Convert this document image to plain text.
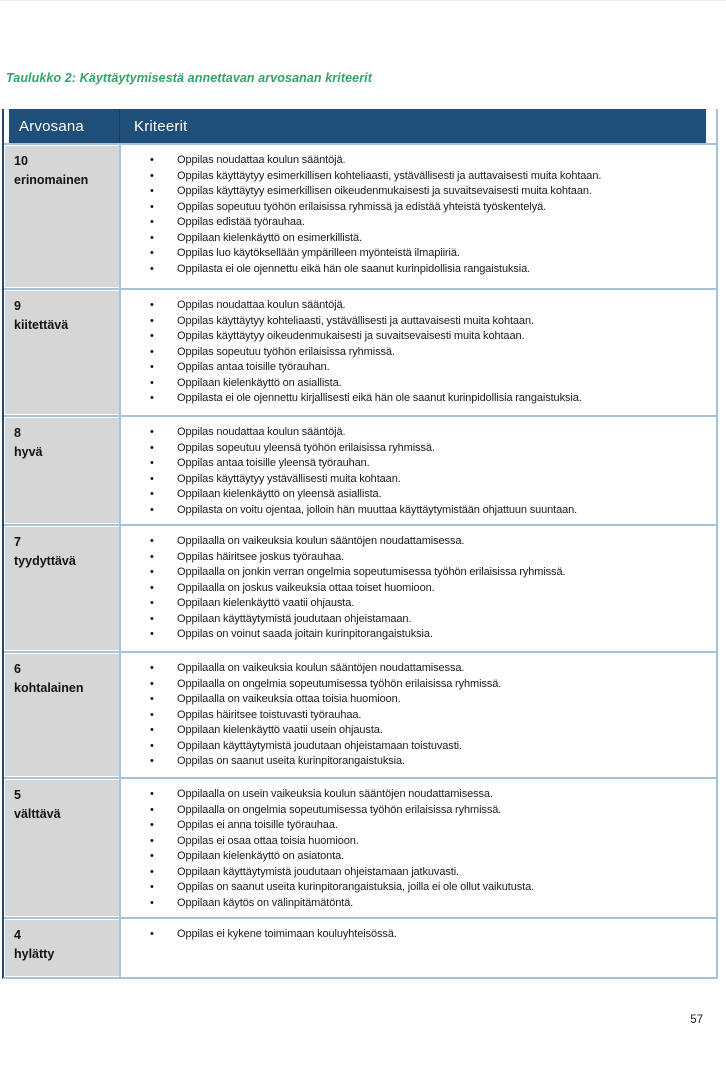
Taulukko 2: Käyttäytymisestä annettavan arvosanan kriteerit
Arvosana	Kriteerit
10
erinomainen
• Oppilas noudattaa koulun sääntöjä.
• Oppilas käyttäytyy esimerkillisen kohteliaasti, ystävällisesti ja auttavaisesti muita kohtaan.
• Oppilas käyttäytyy esimerkillisen oikeudenmukaisesti ja suvaitsevaisesti muita kohtaan.
• Oppilas sopeutuu työhön erilaisissa ryhmissä ja edistää yhteistä työskentelyä.
• Oppilas edistää työrauhaa.
• Oppilaan kielenkäyttö on esimerkillistä.
• Oppilas luo käytöksellään ympärilleen myönteistä ilmapiiriä.
• Oppilasta ei ole ojennettu eikä hän ole saanut kurinpidollisia rangaistuksia.
9
kiitettävä
• Oppilas noudattaa koulun sääntöjä.
• Oppilas käyttäytyy kohteliaasti, ystävällisesti ja auttavaisesti muita kohtaan.
• Oppilas käyttäytyy oikeudenmukaisesti ja suvaitsevaisesti muita kohtaan.
• Oppilas sopeutuu työhön erilaisissa ryhmissä.
• Oppilas antaa toisille työrauhan.
• Oppilaan kielenkäyttö on asiallista.
• Oppilasta ei ole ojennettu kirjallisesti eikä hän ole saanut kurinpidollisia rangaistuksia.
8
hyvä
• Oppilas noudattaa koulun sääntöjä.
• Oppilas sopeutuu yleensä työhön erilaisissa ryhmissä.
• Oppilas antaa toisille yleensä työrauhan.
• Oppilas käyttäytyy ystävällisesti muita kohtaan.
• Oppilaan kielenkäyttö on yleensä asiallista.
• Oppilasta on voitu ojentaa, jolloin hän muuttaa käyttäytymistään ohjattuun suuntaan.
7
tyydyttävä
• Oppilaalla on vaikeuksia koulun sääntöjen noudattamisessa.
• Oppilas häiritsee joskus työrauhaa.
• Oppilaalla on jonkin verran ongelmia sopeutumisessa työhön erilaisissa ryhmissä.
• Oppilaalla on joskus vaikeuksia ottaa toiset huomioon.
• Oppilaan kielenkäyttö vaatii ohjausta.
• Oppilaan käyttäytymistä joudutaan ohjeistamaan.
• Oppilas on voinut saada joitain kurinpitorangaistuksia.
6
kohtalainen
• Oppilaalla on vaikeuksia koulun sääntöjen noudattamisessa.
• Oppilaalla on ongelmia sopeutumisessa työhön erilaisissa ryhmissä.
• Oppilaalla on vaikeuksia ottaa toisia huomioon.
• Oppilas häiritsee toistuvasti työrauhaa.
• Oppilaan kielenkäyttö vaatii usein ohjausta.
• Oppilaan käyttäytymistä joudutaan ohjeistamaan toistuvasti.
• Oppilas on saanut useita kurinpitorangaistuksia.
5
välttävä
• Oppilaalla on usein vaikeuksia koulun sääntöjen noudattamisessa.
• Oppilaalla on ongelmia sopeutumisessa työhön erilaisissa ryhmissä.
• Oppilas ei anna toisille työrauhaa.
• Oppilas ei osaa ottaa toisia huomioon.
• Oppilaan kielenkäyttö on asiatonta.
• Oppilaan käyttäytymistä joudutaan ohjeistamaan jatkuvasti.
• Oppilas on saanut useita kurinpitorangaistuksia, joilla ei ole ollut vaikutusta.
• Oppilaan käytös on välinpitämätöntä.
4
hylätty
• Oppilas ei kykene toimimaan kouluyhteisössä.
57
